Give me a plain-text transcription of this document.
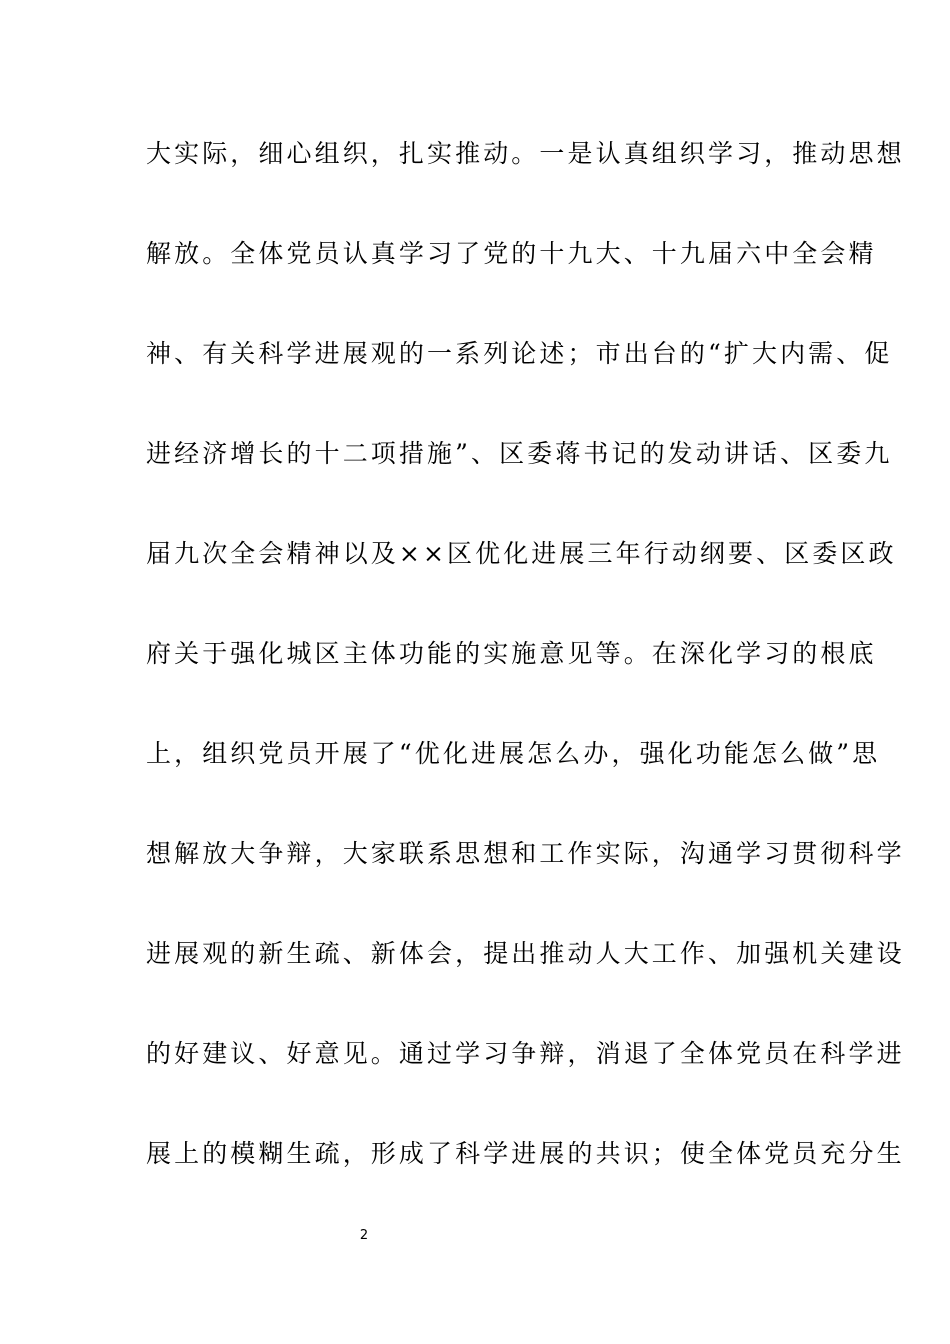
大实际，细心组织，扎实推动。一是认真组织学习，推动思想
解放。全体党员认真学习了党的十九大、十九届六中全会精
神、有关科学进展观的一系列论述；市出台的“扩大内需、促
进经济增长的十二项措施”、区委蒋书记的发动讲话、区委九
届九次全会精神以及××区优化进展三年行动纲要、区委区政
府关于强化城区主体功能的实施意见等。在深化学习的根底
上，组织党员开展了“优化进展怎么办，强化功能怎么做”思
想解放大争辩，大家联系思想和工作实际，沟通学习贯彻科学
进展观的新生疏、新体会，提出推动人大工作、加强机关建设
的好建议、好意见。通过学习争辩，消退了全体党员在科学进
展上的模糊生疏，形成了科学进展的共识；使全体党员充分生
2
